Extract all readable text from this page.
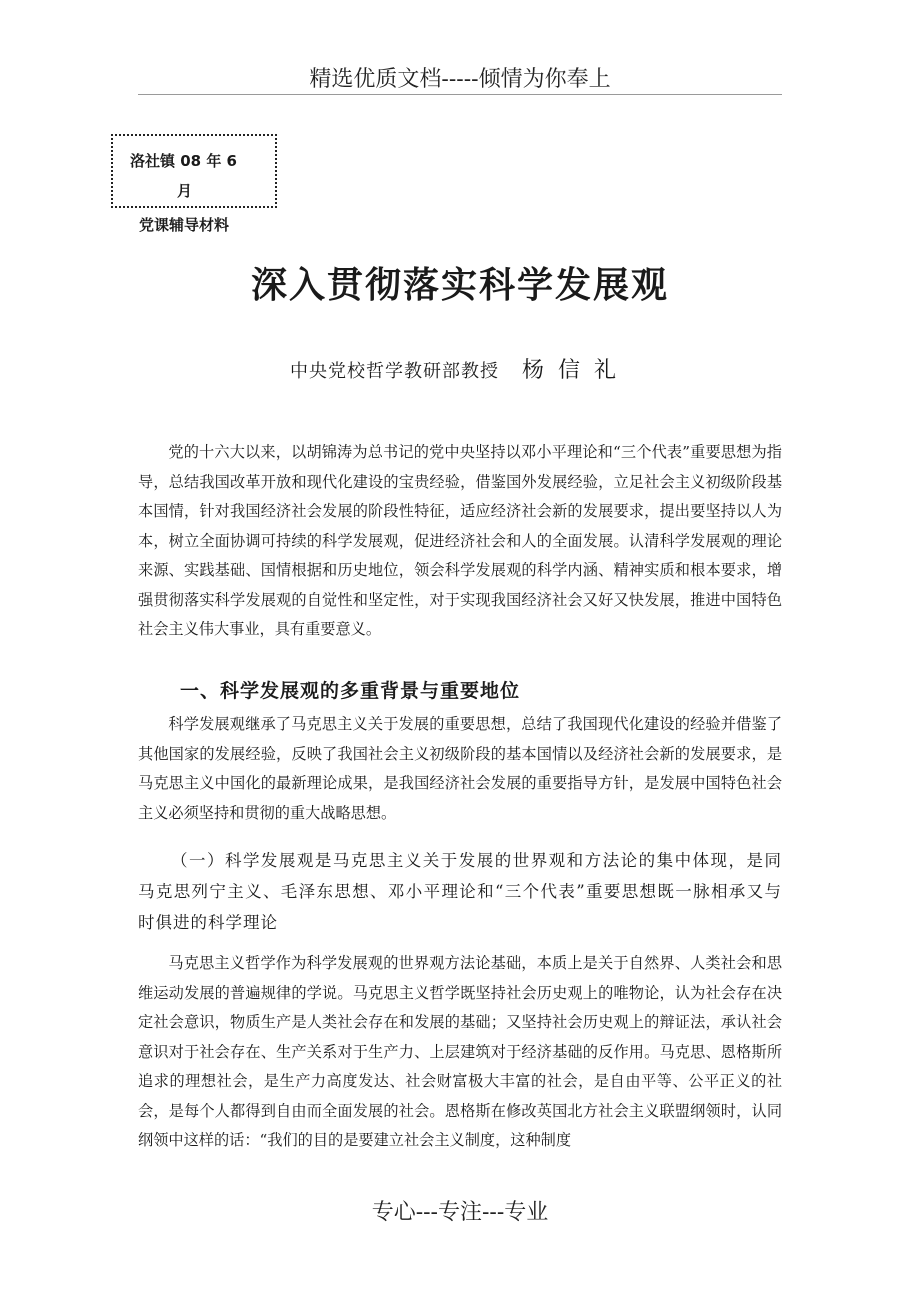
精选优质文档-----倾情为你奉上
洛社镇 08 年 6
月
党课辅导材料
深入贯彻落实科学发展观
中央党校哲学教研部教授 杨信礼

党的十六大以来，以胡锦涛为总书记的党中央坚持以邓小平理论和“三个代表”重要思想为指导，总结我国改革开放和现代化建设的宝贵经验，借鉴国外发展经验，立足社会主义初级阶段基本国情，针对我国经济社会发展的阶段性特征，适应经济社会新的发展要求，提出要坚持以人为本，树立全面协调可持续的科学发展观，促进经济社会和人的全面发展。认清科学发展观的理论来源、实践基础、国情根据和历史地位，领会科学发展观的科学内涵、精神实质和根本要求，增强贯彻落实科学发展观的自觉性和坚定性，对于实现我国经济社会又好又快发展，推进中国特色社会主义伟大事业，具有重要意义。

一、科学发展观的多重背景与重要地位

科学发展观继承了马克思主义关于发展的重要思想，总结了我国现代化建设的经验并借鉴了其他国家的发展经验，反映了我国社会主义初级阶段的基本国情以及经济社会新的发展要求，是马克思主义中国化的最新理论成果，是我国经济社会发展的重要指导方针，是发展中国特色社会主义必须坚持和贯彻的重大战略思想。

（一）科学发展观是马克思主义关于发展的世界观和方法论的集中体现，是同马克思列宁主义、毛泽东思想、邓小平理论和“三个代表”重要思想既一脉相承又与时俱进的科学理论

马克思主义哲学作为科学发展观的世界观方法论基础，本质上是关于自然界、人类社会和思维运动发展的普遍规律的学说。马克思主义哲学既坚持社会历史观上的唯物论，认为社会存在决定社会意识，物质生产是人类社会存在和发展的基础；又坚持社会历史观上的辩证法，承认社会意识对于社会存在、生产关系对于生产力、上层建筑对于经济基础的反作用。马克思、恩格斯所追求的理想社会，是生产力高度发达、社会财富极大丰富的社会，是自由平等、公平正义的社会，是每个人都得到自由而全面发展的社会。恩格斯在修改英国北方社会主义联盟纲领时，认同纲领中这样的话：“我们的目的是要建立社会主义制度，这种制度

专心---专注---专业
